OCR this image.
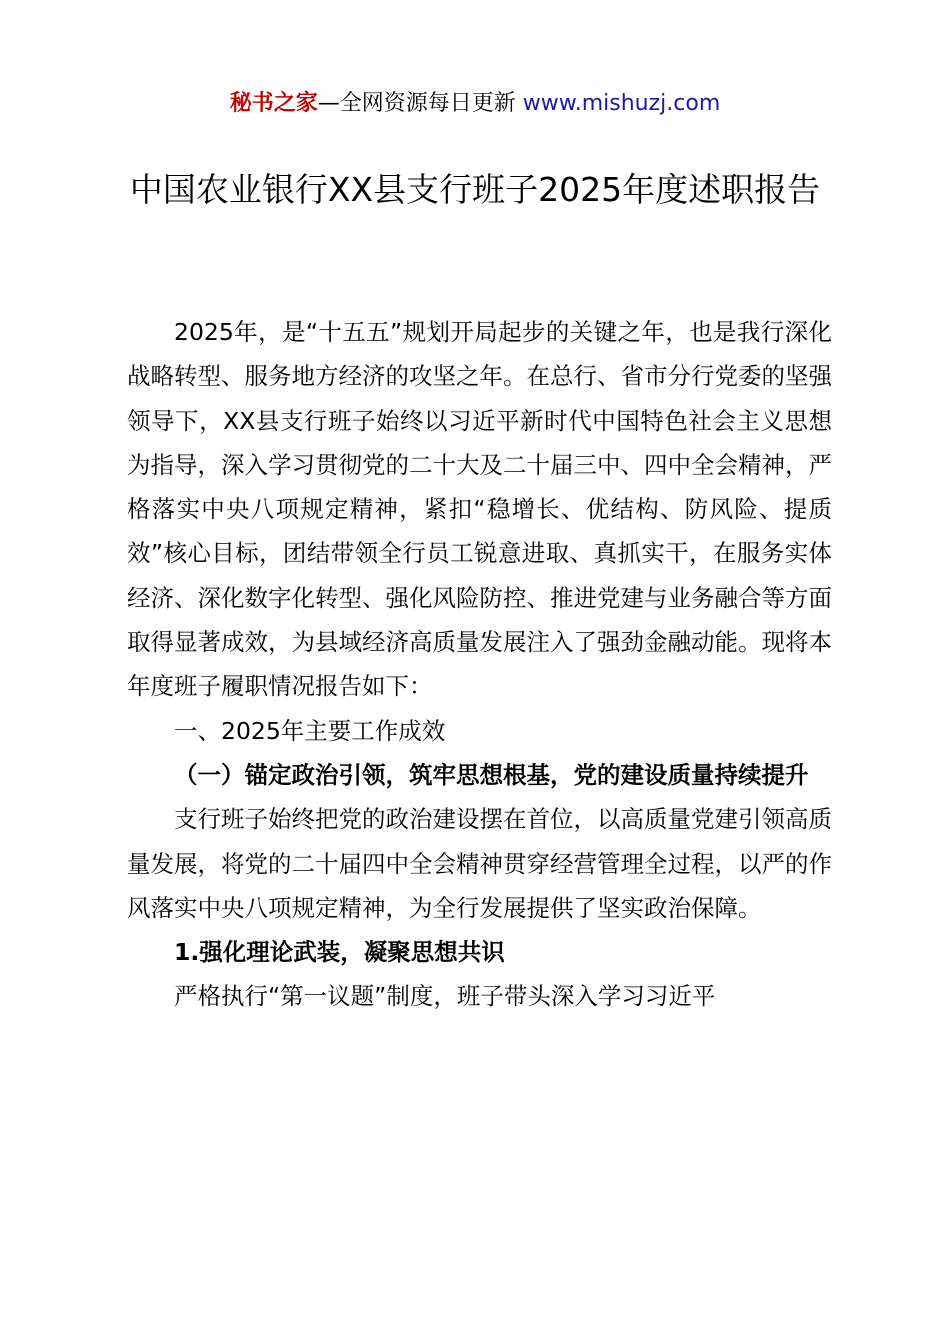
秘书之家—全网资源每日更新 www.mishuzj.com
中国农业银行XX县支行班子2025年度述职报告

2025年，是“十五五”规划开局起步的关键之年，也是我行深化战略转型、服务地方经济的攻坚之年。在总行、省市分行党委的坚强领导下，XX县支行班子始终以习近平新时代中国特色社会主义思想为指导，深入学习贯彻党的二十大及二十届三中、四中全会精神，严格落实中央八项规定精神，紧扣“稳增长、优结构、防风险、提质效”核心目标，团结带领全行员工锐意进取、真抓实干，在服务实体经济、深化数字化转型、强化风险防控、推进党建与业务融合等方面取得显著成效，为县域经济高质量发展注入了强劲金融动能。现将本年度班子履职情况报告如下：

一、2025年主要工作成效

（一）锚定政治引领，筑牢思想根基，党的建设质量持续提升

支行班子始终把党的政治建设摆在首位，以高质量党建引领高质量发展，将党的二十届四中全会精神贯穿经营管理全过程，以严的作风落实中央八项规定精神，为全行发展提供了坚实政治保障。

1.强化理论武装，凝聚思想共识

严格执行“第一议题”制度，班子带头深入学习习近平
